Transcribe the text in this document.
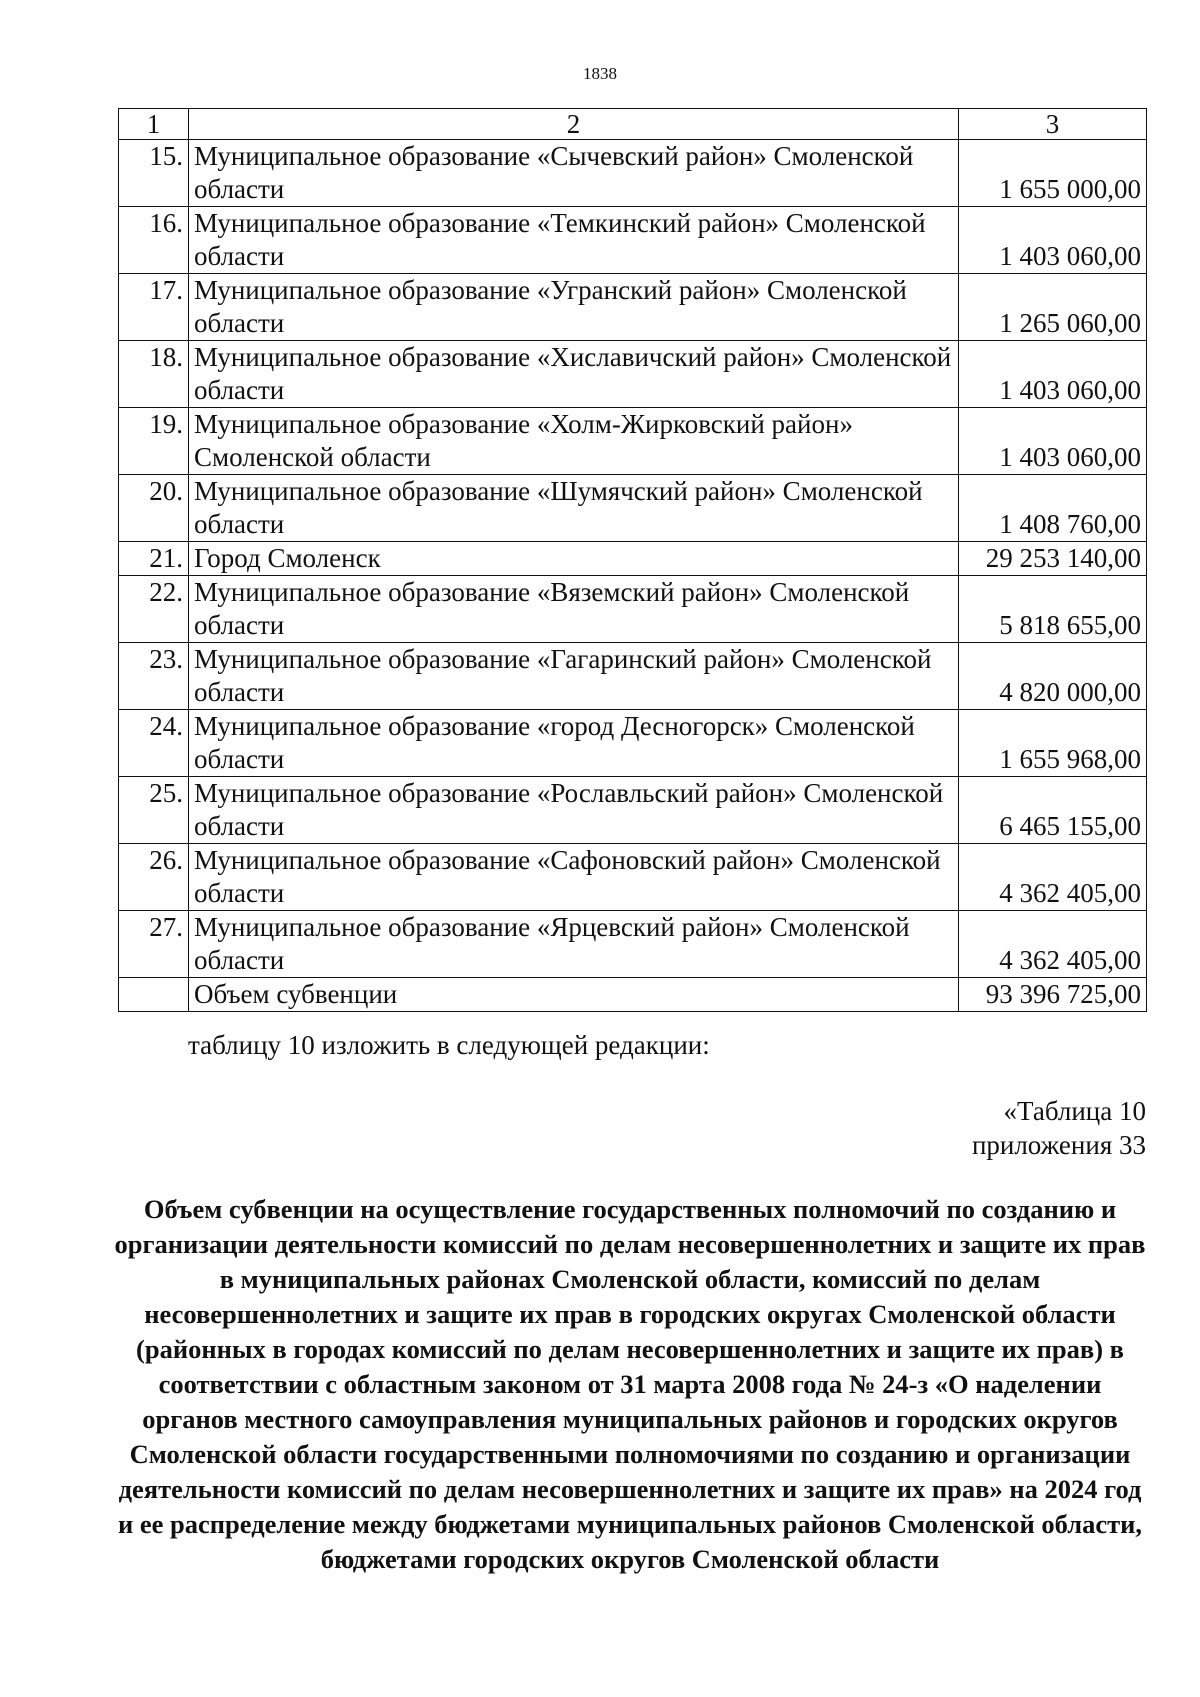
1838
1	2	3
15.	Муниципальное образование «Сычевский район» Смоленской области	1 655 000,00
16.	Муниципальное образование «Темкинский район» Смоленской области	1 403 060,00
17.	Муниципальное образование «Угранский район» Смоленской области	1 265 060,00
18.	Муниципальное образование «Хиславичский район» Смоленской области	1 403 060,00
19.	Муниципальное образование «Холм-Жирковский район» Смоленской области	1 403 060,00
20.	Муниципальное образование «Шумячский район» Смоленской области	1 408 760,00
21.	Город Смоленск	29 253 140,00
22.	Муниципальное образование «Вяземский район» Смоленской области	5 818 655,00
23.	Муниципальное образование «Гагаринский район» Смоленской области	4 820 000,00
24.	Муниципальное образование «город Десногорск» Смоленской области	1 655 968,00
25.	Муниципальное образование «Рославльский район» Смоленской области	6 465 155,00
26.	Муниципальное образование «Сафоновский район» Смоленской области	4 362 405,00
27.	Муниципальное образование «Ярцевский район» Смоленской области	4 362 405,00
	Объем субвенции	93 396 725,00
таблицу 10 изложить в следующей редакции:
«Таблица 10
приложения 33
Объем субвенции на осуществление государственных полномочий по созданию и организации деятельности комиссий по делам несовершеннолетних и защите их прав в муниципальных районах Смоленской области, комиссий по делам несовершеннолетних и защите их прав в городских округах Смоленской области (районных в городах комиссий по делам несовершеннолетних и защите их прав) в соответствии с областным законом от 31 марта 2008 года № 24-з «О наделении органов местного самоуправления муниципальных районов и городских округов Смоленской области государственными полномочиями по созданию и организации деятельности комиссий по делам несовершеннолетних и защите их прав» на 2024 год и ее распределение между бюджетами муниципальных районов Смоленской области, бюджетами городских округов Смоленской области
